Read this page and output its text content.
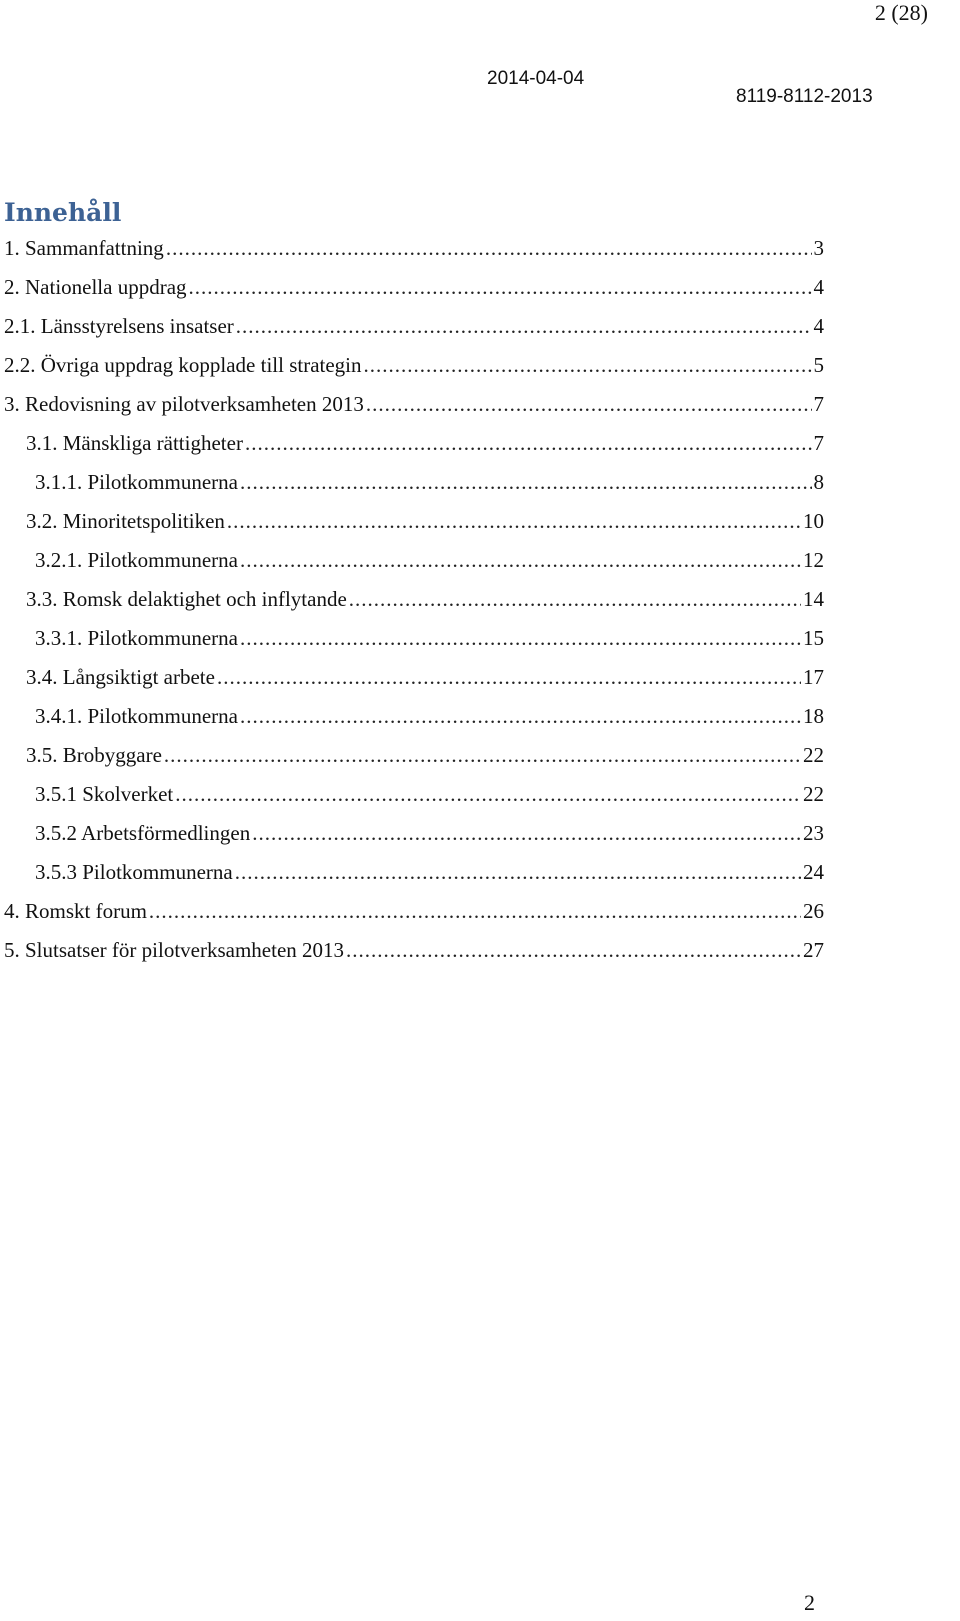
2 (28)
2014-04-04
8119-8112-2013
Innehåll
1. Sammanfattning .....	3
2. Nationella uppdrag .....	4
2.1. Länsstyrelsens insatser .....	4
2.2. Övriga uppdrag kopplade till strategin .....	5
3. Redovisning av pilotverksamheten 2013 .....	7
3.1. Mänskliga rättigheter .....	7
3.1.1. Pilotkommunerna .....	8
3.2. Minoritetspolitiken .....	10
3.2.1. Pilotkommunerna .....	12
3.3. Romsk delaktighet och inflytande .....	14
3.3.1. Pilotkommunerna .....	15
3.4. Långsiktigt arbete .....	17
3.4.1. Pilotkommunerna .....	18
3.5. Brobyggare .....	22
3.5.1 Skolverket .....	22
3.5.2 Arbetsförmedlingen .....	23
3.5.3 Pilotkommunerna .....	24
4. Romskt forum .....	26
5. Slutsatser för pilotverksamheten 2013 .....	27
2
